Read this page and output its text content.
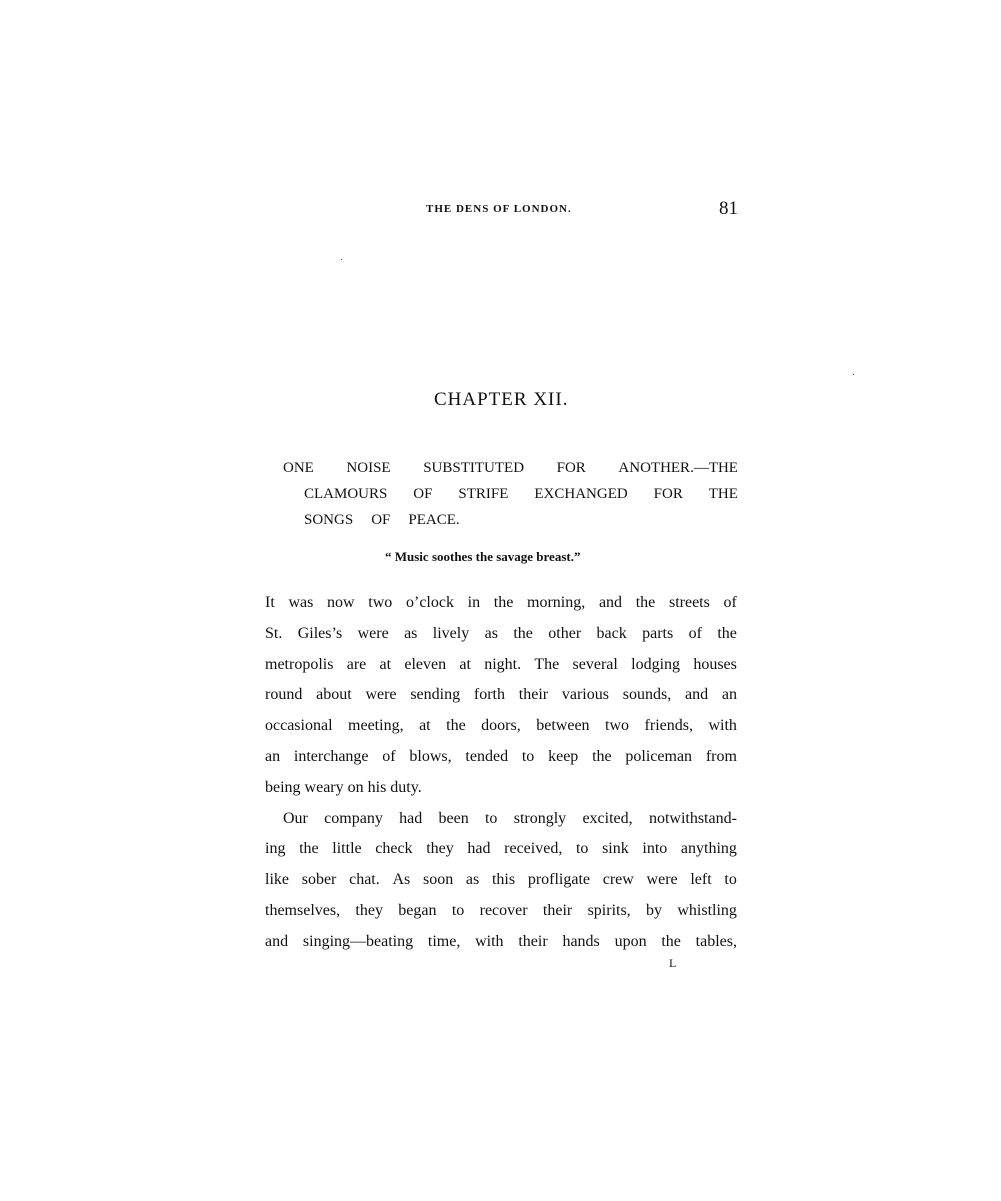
THE DENS OF LONDON.	81
CHAPTER XII.
ONE NOISE SUBSTITUTED FOR ANOTHER.—THE
CLAMOURS OF STRIFE EXCHANGED FOR THE
SONGS OF PEACE.
“ Music soothes the savage breast.”
It was now two o’clock in the morning, and the streets of
St. Giles’s were as lively as the other back parts of the
metropolis are at eleven at night. The several lodging houses
round about were sending forth their various sounds, and an
occasional meeting, at the doors, between two friends, with
an interchange of blows, tended to keep the policeman from
being weary on his duty.
Our company had been to strongly excited, notwithstand-
ing the little check they had received, to sink into anything
like sober chat. As soon as this profligate crew were left to
themselves, they began to recover their spirits, by whistling
and singing—beating time, with their hands upon the tables,
L
